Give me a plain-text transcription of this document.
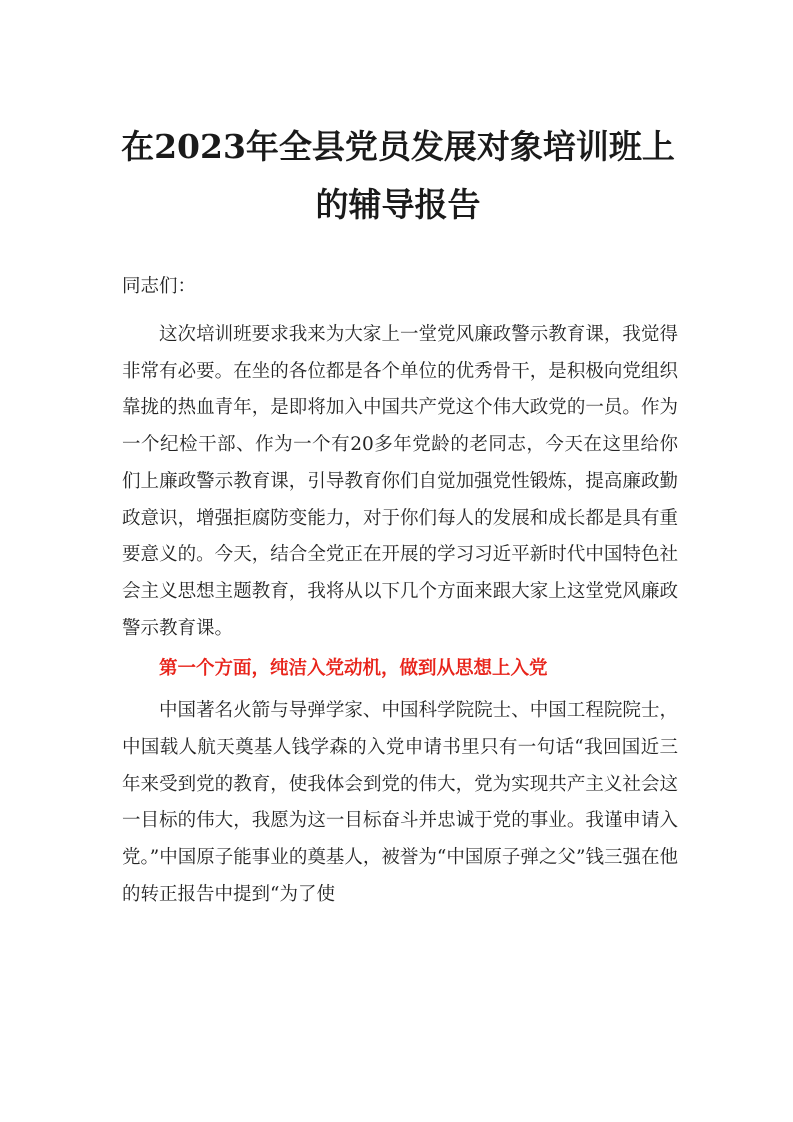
在2023年全县党员发展对象培训班上的辅导报告

同志们：

这次培训班要求我来为大家上一堂党风廉政警示教育课，我觉得非常有必要。在坐的各位都是各个单位的优秀骨干，是积极向党组织靠拢的热血青年，是即将加入中国共产党这个伟大政党的一员。作为一个纪检干部、作为一个有20多年党龄的老同志，今天在这里给你们上廉政警示教育课，引导教育你们自觉加强党性锻炼，提高廉政勤政意识，增强拒腐防变能力，对于你们每人的发展和成长都是具有重要意义的。今天，结合全党正在开展的学习习近平新时代中国特色社会主义思想主题教育，我将从以下几个方面来跟大家上这堂党风廉政警示教育课。

第一个方面，纯洁入党动机，做到从思想上入党

中国著名火箭与导弹学家、中国科学院院士、中国工程院院士，中国载人航天奠基人钱学森的入党申请书里只有一句话“我回国近三年来受到党的教育，使我体会到党的伟大，党为实现共产主义社会这一目标的伟大，我愿为这一目标奋斗并忠诚于党的事业。我谨申请入党。”中国原子能事业的奠基人，被誉为“中国原子弹之父”钱三强在他的转正报告中提到“为了使
